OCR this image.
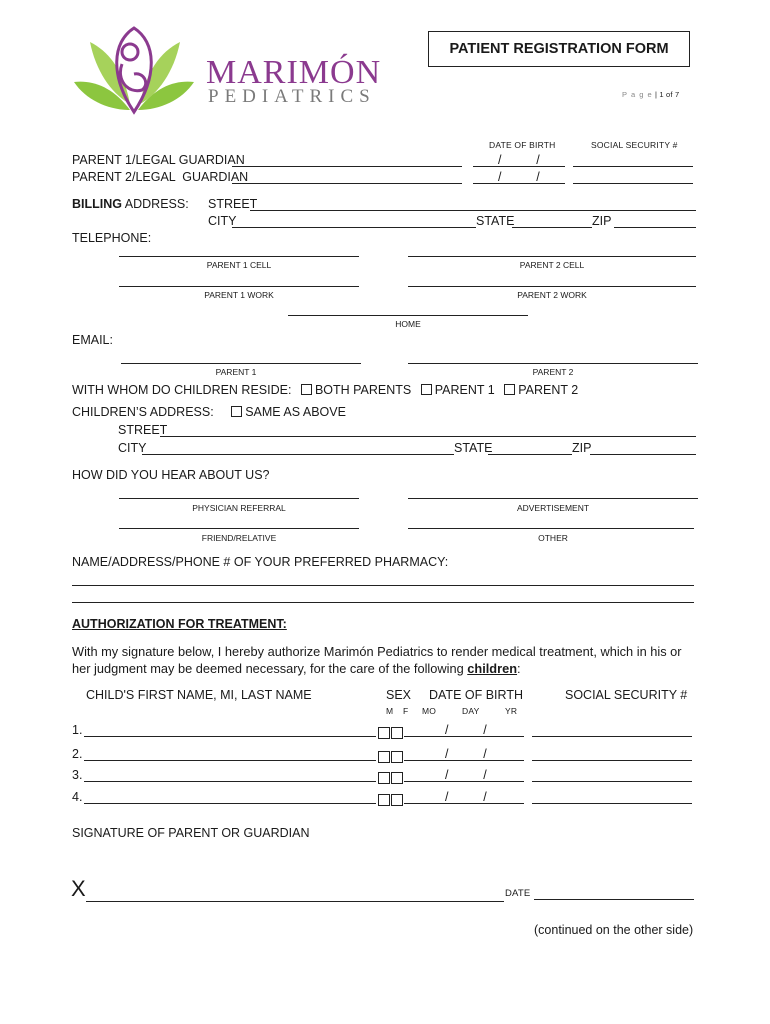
MARIMÓN
PEDIATRICS
PATIENT REGISTRATION FORM
P a g e | 1 of 7
DATE OF BIRTH	SOCIAL SECURITY #
PARENT 1/LEGAL GUARDIAN	/          /
PARENT 2/LEGAL  GUARDIAN	/          /
BILLING ADDRESS: STREET
CITY	STATE	ZIP
TELEPHONE:
PARENT 1 CELL	PARENT 2 CELL
PARENT 1 WORK	PARENT 2 WORK
HOME
EMAIL:
PARENT 1	PARENT 2
WITH WHOM DO CHILDREN RESIDE: BOTH PARENTS PARENT 1 PARENT 2
CHILDREN’S ADDRESS:	SAME AS ABOVE
STREET
CITY	STATE	ZIP
HOW DID YOU HEAR ABOUT US?
PHYSICIAN REFERRAL	ADVERTISEMENT
FRIEND/RELATIVE	OTHER
NAME/ADDRESS/PHONE # OF YOUR PREFERRED PHARMACY:
AUTHORIZATION FOR TREATMENT:
With my signature below, I hereby authorize Marimón Pediatrics to render medical treatment, which in his or
her judgment may be deemed necessary, for the care of the following children:
CHILD'S FIRST NAME, MI, LAST NAME	SEX DATE OF BIRTH	SOCIAL SECURITY #
M F MO	DAY	YR
1.	/          /
2.	/          /
3.	/          /
4.	/          /
SIGNATURE OF PARENT OR GUARDIAN
X	DATE
(continued on the other side)
